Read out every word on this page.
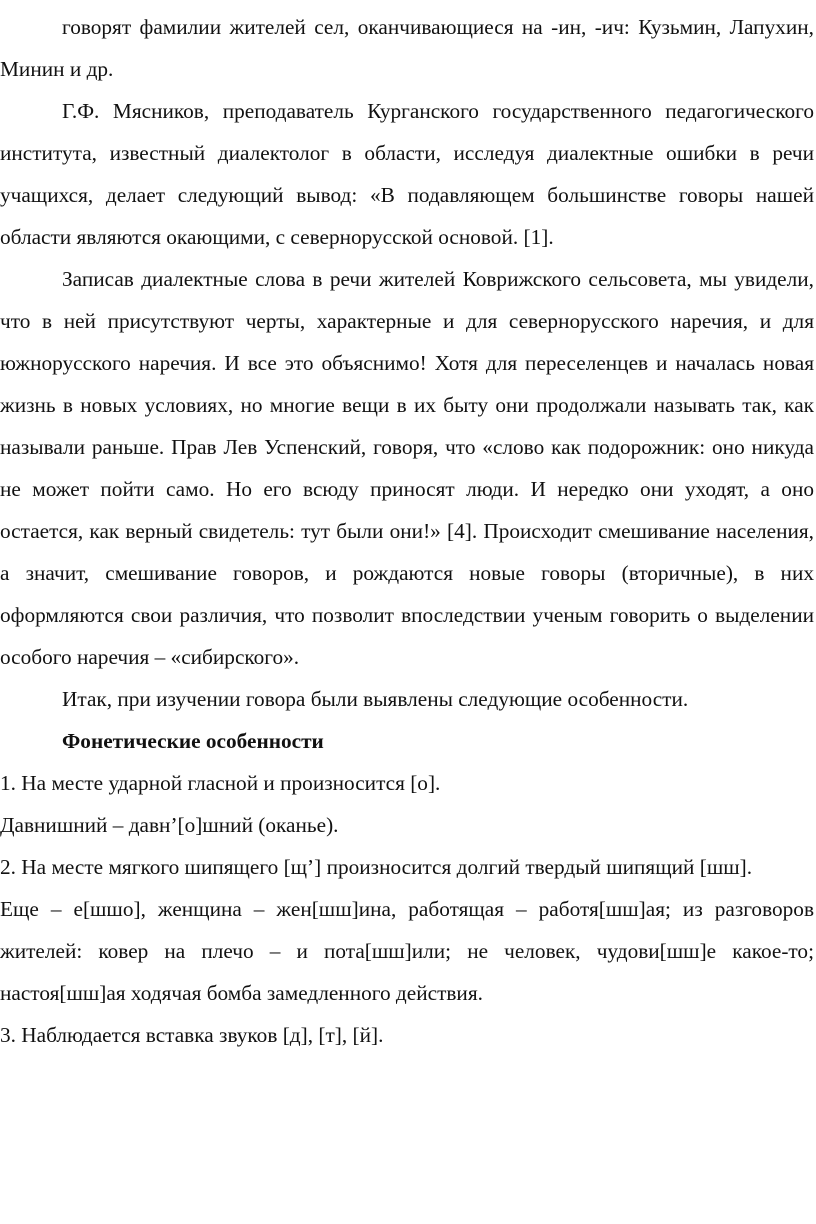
говорят фамилии жителей сел, оканчивающиеся на -ин, -ич: Кузьмин, Лапухин, Минин и др.

Г.Ф. Мясников, преподаватель Курганского государственного педагогического института, известный диалектолог в области, исследуя диалектные ошибки в речи учащихся, делает следующий вывод: «В подавляющем большинстве говоры нашей области являются окающими, с севернорусской основой. [1].

Записав диалектные слова в речи жителей Коврижского сельсовета, мы увидели, что в ней присутствуют черты, характерные и для севернорусского наречия, и для южнорусского наречия. И все это объяснимо! Хотя для переселенцев и началась новая жизнь в новых условиях, но многие вещи в их быту они продолжали называть так, как называли раньше. Прав Лев Успенский, говоря, что «слово как подорожник: оно никуда не может пойти само. Но его всюду приносят люди. И нередко они уходят, а оно остается, как верный свидетель: тут были они!» [4]. Происходит смешивание населения, а значит, смешивание говоров, и рождаются новые говоры (вторичные), в них оформляются свои различия, что позволит впоследствии ученым говорить о выделении особого наречия – «сибирского».

Итак, при изучении говора были выявлены следующие особенности.

Фонетические особенности

1. На месте ударной гласной и произносится [о].

Давнишний – давн’[о]шний (оканье).

2. На месте мягкого шипящего [щ’] произносится долгий твердый шипящий [шш].

Еще – е[шшо], женщина – жен[шш]ина, работящая – работя[шш]ая; из разговоров жителей: ковер на плечо – и пота[шш]или; не человек, чудови[шш]е какое-то; настоя[шш]ая ходячая бомба замедленного действия.

3. Наблюдается вставка звуков [д], [т], [й].
